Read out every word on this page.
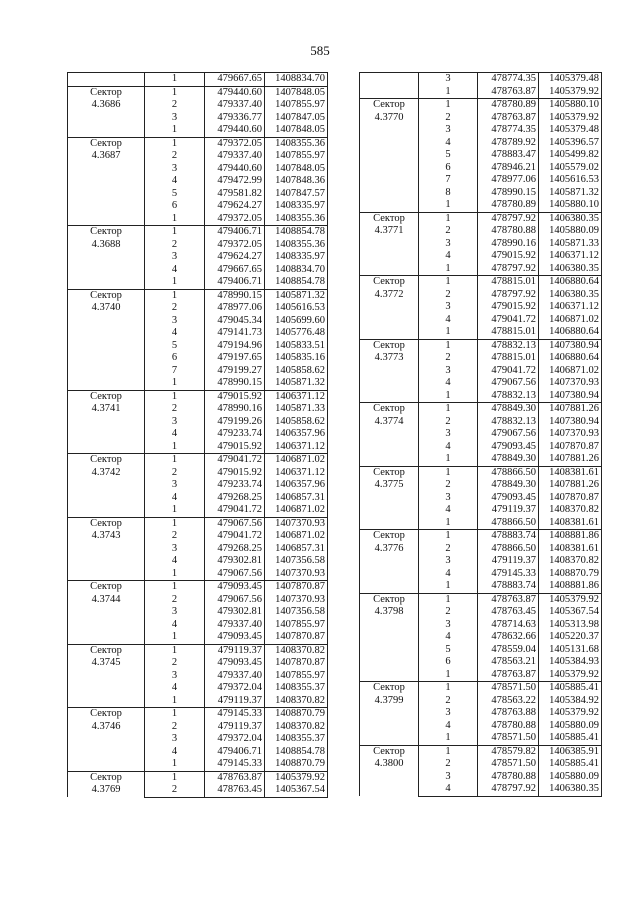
585
	1	479667.65	1408834.70

Сектор
4.3686	1	479440.60	1407848.05
	2	479337.40	1407855.97
	3	479336.77	1407847.05
	1	479440.60	1407848.05

Сектор
4.3687	1	479372.05	1408355.36
	2	479337.40	1407855.97
	3	479440.60	1407848.05
	4	479472.99	1407848.36
	5	479581.82	1407847.57
	6	479624.27	1408335.97
	1	479372.05	1408355.36

Сектор
4.3688	1	479406.71	1408854.78
	2	479372.05	1408355.36
	3	479624.27	1408335.97
	4	479667.65	1408834.70
	1	479406.71	1408854.78

Сектор
4.3740	1	478990.15	1405871.32
	2	478977.06	1405616.53
	3	479045.34	1405699.60
	4	479141.73	1405776.48
	5	479194.96	1405833.51
	6	479197.65	1405835.16
	7	479199.27	1405858.62
	1	478990.15	1405871.32

Сектор
4.3741	1	479015.92	1406371.12
	2	478990.16	1405871.33
	3	479199.26	1405858.62
	4	479233.74	1406357.96
	1	479015.92	1406371.12

Сектор
4.3742	1	479041.72	1406871.02
	2	479015.92	1406371.12
	3	479233.74	1406357.96
	4	479268.25	1406857.31
	1	479041.72	1406871.02

Сектор
4.3743	1	479067.56	1407370.93
	2	479041.72	1406871.02
	3	479268.25	1406857.31
	4	479302.81	1407356.58
	1	479067.56	1407370.93

Сектор
4.3744	1	479093.45	1407870.87
	2	479067.56	1407370.93
	3	479302.81	1407356.58
	4	479337.40	1407855.97
	1	479093.45	1407870.87

Сектор
4.3745	1	479119.37	1408370.82
	2	479093.45	1407870.87
	3	479337.40	1407855.97
	4	479372.04	1408355.37
	1	479119.37	1408370.82

Сектор
4.3746	1	479145.33	1408870.79
	2	479119.37	1408370.82
	3	479372.04	1408355.37
	4	479406.71	1408854.78
	1	479145.33	1408870.79

Сектор
4.3769	1	478763.87	1405379.92
	2	478763.45	1405367.54
	3	478774.35	1405379.48
	1	478763.87	1405379.92

Сектор
4.3770	1	478780.89	1405880.10
	2	478763.87	1405379.92
	3	478774.35	1405379.48
	4	478789.92	1405396.57
	5	478883.47	1405499.82
	6	478946.21	1405579.02
	7	478977.06	1405616.53
	8	478990.15	1405871.32
	1	478780.89	1405880.10

Сектор
4.3771	1	478797.92	1406380.35
	2	478780.88	1405880.09
	3	478990.16	1405871.33
	4	479015.92	1406371.12
	1	478797.92	1406380.35

Сектор
4.3772	1	478815.01	1406880.64
	2	478797.92	1406380.35
	3	479015.92	1406371.12
	4	479041.72	1406871.02
	1	478815.01	1406880.64

Сектор
4.3773	1	478832.13	1407380.94
	2	478815.01	1406880.64
	3	479041.72	1406871.02
	4	479067.56	1407370.93
	1	478832.13	1407380.94

Сектор
4.3774	1	478849.30	1407881.26
	2	478832.13	1407380.94
	3	479067.56	1407370.93
	4	479093.45	1407870.87
	1	478849.30	1407881.26

Сектор
4.3775	1	478866.50	1408381.61
	2	478849.30	1407881.26
	3	479093.45	1407870.87
	4	479119.37	1408370.82
	1	478866.50	1408381.61

Сектор
4.3776	1	478883.74	1408881.86
	2	478866.50	1408381.61
	3	479119.37	1408370.82
	4	479145.33	1408870.79
	1	478883.74	1408881.86

Сектор
4.3798	1	478763.87	1405379.92
	2	478763.45	1405367.54
	3	478714.63	1405313.98
	4	478632.66	1405220.37
	5	478559.04	1405131.68
	6	478563.21	1405384.93
	1	478763.87	1405379.92

Сектор
4.3799	1	478571.50	1405885.41
	2	478563.22	1405384.92
	3	478763.88	1405379.92
	4	478780.88	1405880.09
	1	478571.50	1405885.41

Сектор
4.3800	1	478579.82	1406385.91
	2	478571.50	1405885.41
	3	478780.88	1405880.09
	4	478797.92	1406380.35
